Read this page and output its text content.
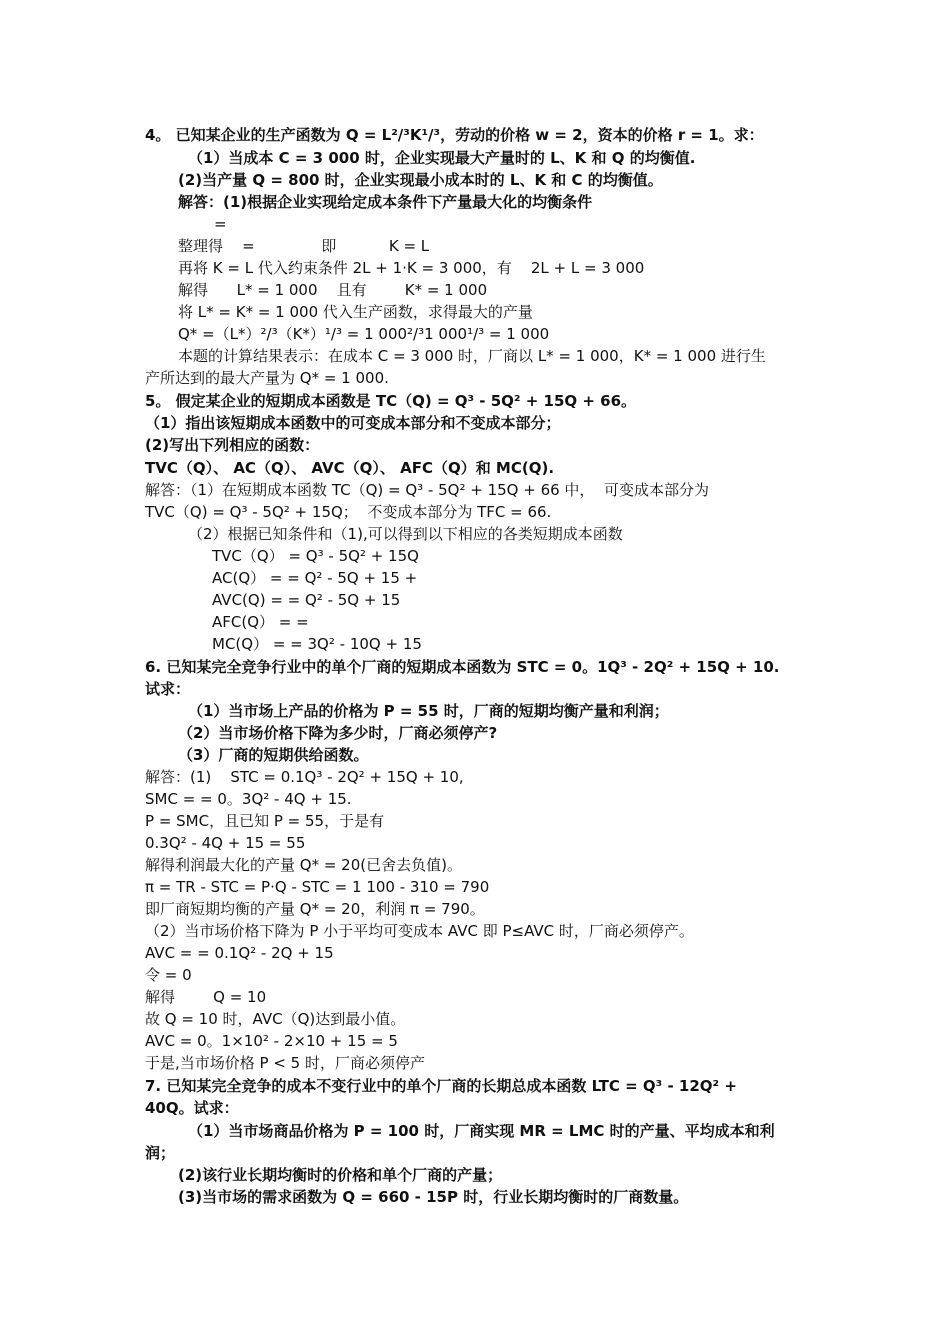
4。 已知某企业的生产函数为 Q = L²/³K¹/³，劳动的价格 w = 2，资本的价格 r = 1。求：
（1）当成本 C = 3 000 时，企业实现最大产量时的 L、K 和 Q 的均衡值.
(2)当产量 Q = 800 时，企业实现最小成本时的 L、K 和 C 的均衡值。
解答：(1)根据企业实现给定成本条件下产量最大化的均衡条件
=
整理得    =              即           K = L
再将 K = L 代入约束条件 2L + 1·K = 3 000，有    2L + L = 3 000
解得      L* = 1 000    且有        K* = 1 000
将 L* = K* = 1 000 代入生产函数，求得最大的产量
Q* =（L*）²/³（K*）¹/³ = 1 000²/³1 000¹/³ = 1 000
本题的计算结果表示：在成本 C = 3 000 时，厂商以 L* = 1 000，K* = 1 000 进行生
产所达到的最大产量为 Q* = 1 000.
5。 假定某企业的短期成本函数是 TC（Q) = Q³ - 5Q² + 15Q + 66。
（1）指出该短期成本函数中的可变成本部分和不变成本部分；
(2)写出下列相应的函数：
TVC（Q）、 AC（Q）、 AVC（Q）、 AFC（Q）和 MC(Q).
解答：（1）在短期成本函数 TC（Q) = Q³ - 5Q² + 15Q + 66 中，  可变成本部分为
TVC（Q) = Q³ - 5Q² + 15Q；  不变成本部分为 TFC = 66.
（2）根据已知条件和（1),可以得到以下相应的各类短期成本函数
TVC（Q） = Q³ - 5Q² + 15Q
AC(Q） = = Q² - 5Q + 15 +
AVC(Q) = = Q² - 5Q + 15
AFC(Q） = =
MC(Q） = = 3Q² - 10Q + 15
6. 已知某完全竞争行业中的单个厂商的短期成本函数为 STC = 0。1Q³ - 2Q² + 15Q + 10.
试求：
（1）当市场上产品的价格为 P = 55 时，厂商的短期均衡产量和利润；
（2）当市场价格下降为多少时，厂商必须停产?
（3）厂商的短期供给函数。
解答：(1)    STC = 0.1Q³ - 2Q² + 15Q + 10,
SMC = = 0。3Q² - 4Q + 15.
P = SMC，且已知 P = 55，于是有
0.3Q² - 4Q + 15 = 55
解得利润最大化的产量 Q* = 20(已舍去负值)。
π = TR - STC = P·Q - STC = 1 100 - 310 = 790
即厂商短期均衡的产量 Q* = 20，利润 π = 790。
（2）当市场价格下降为 P 小于平均可变成本 AVC 即 P≤AVC 时，厂商必须停产。
AVC = = 0.1Q² - 2Q + 15
令 = 0
解得        Q = 10
故 Q = 10 时，AVC（Q)达到最小值。
AVC = 0。1×10² - 2×10 + 15 = 5
于是,当市场价格 P < 5 时，厂商必须停产
7. 已知某完全竞争的成本不变行业中的单个厂商的长期总成本函数 LTC = Q³ - 12Q² +
40Q。试求：
（1）当市场商品价格为 P = 100 时，厂商实现 MR = LMC 时的产量、平均成本和利
润；
(2)该行业长期均衡时的价格和单个厂商的产量；
(3)当市场的需求函数为 Q = 660 - 15P 时，行业长期均衡时的厂商数量。
